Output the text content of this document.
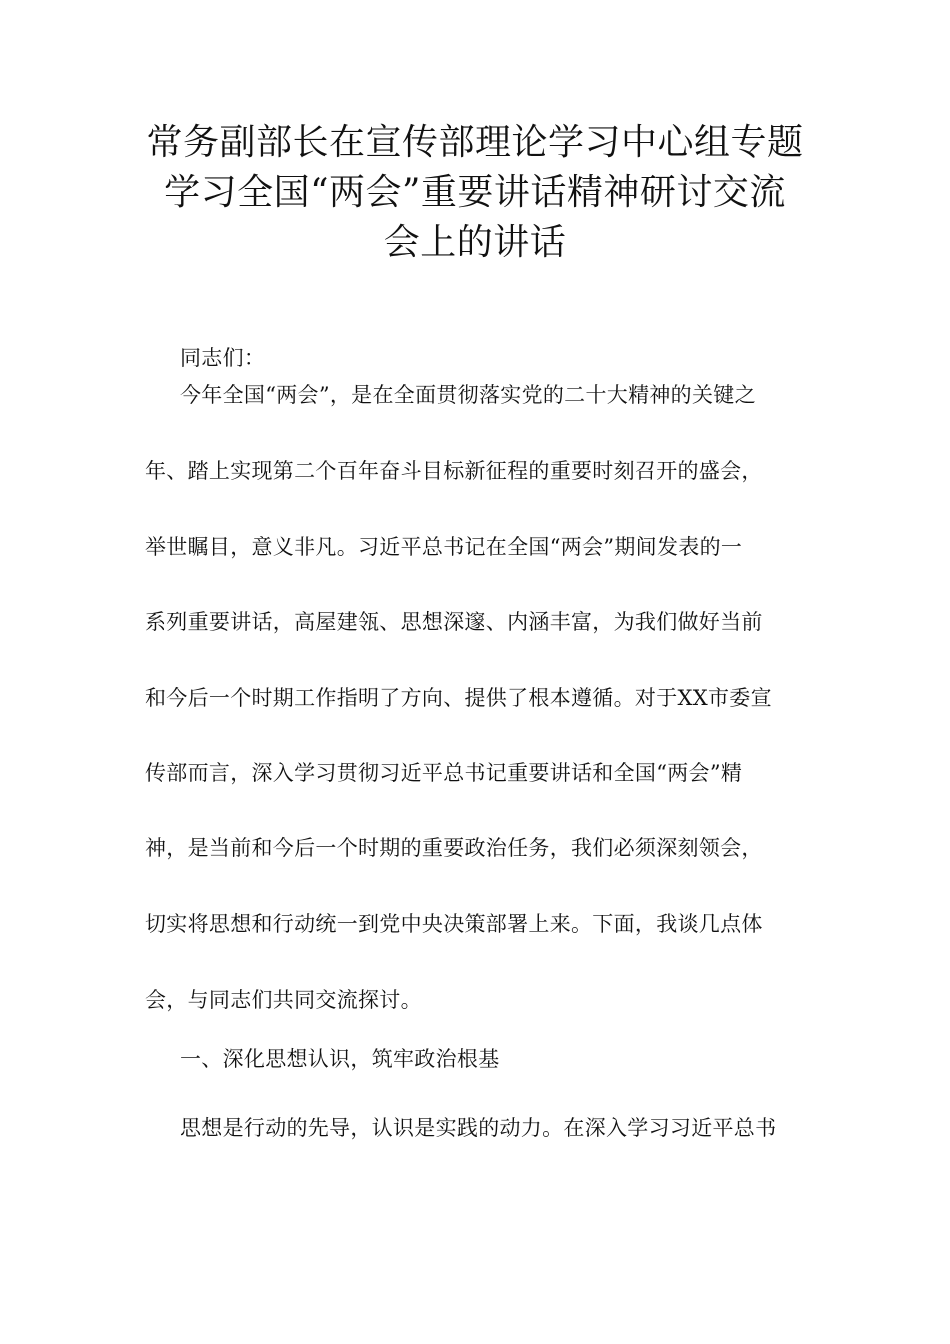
常务副部长在宣传部理论学习中心组专题
学习全国“两会”重要讲话精神研讨交流
会上的讲话
同志们：
今年全国“两会”，是在全面贯彻落实党的二十大精神的关键之
年、踏上实现第二个百年奋斗目标新征程的重要时刻召开的盛会，
举世瞩目，意义非凡。习近平总书记在全国“两会”期间发表的一
系列重要讲话，高屋建瓴、思想深邃、内涵丰富，为我们做好当前
和今后一个时期工作指明了方向、提供了根本遵循。对于XX市委宣
传部而言，深入学习贯彻习近平总书记重要讲话和全国“两会”精
神，是当前和今后一个时期的重要政治任务，我们必须深刻领会，
切实将思想和行动统一到党中央决策部署上来。下面，我谈几点体
会，与同志们共同交流探讨。
一、深化思想认识，筑牢政治根基
思想是行动的先导，认识是实践的动力。在深入学习习近平总书
